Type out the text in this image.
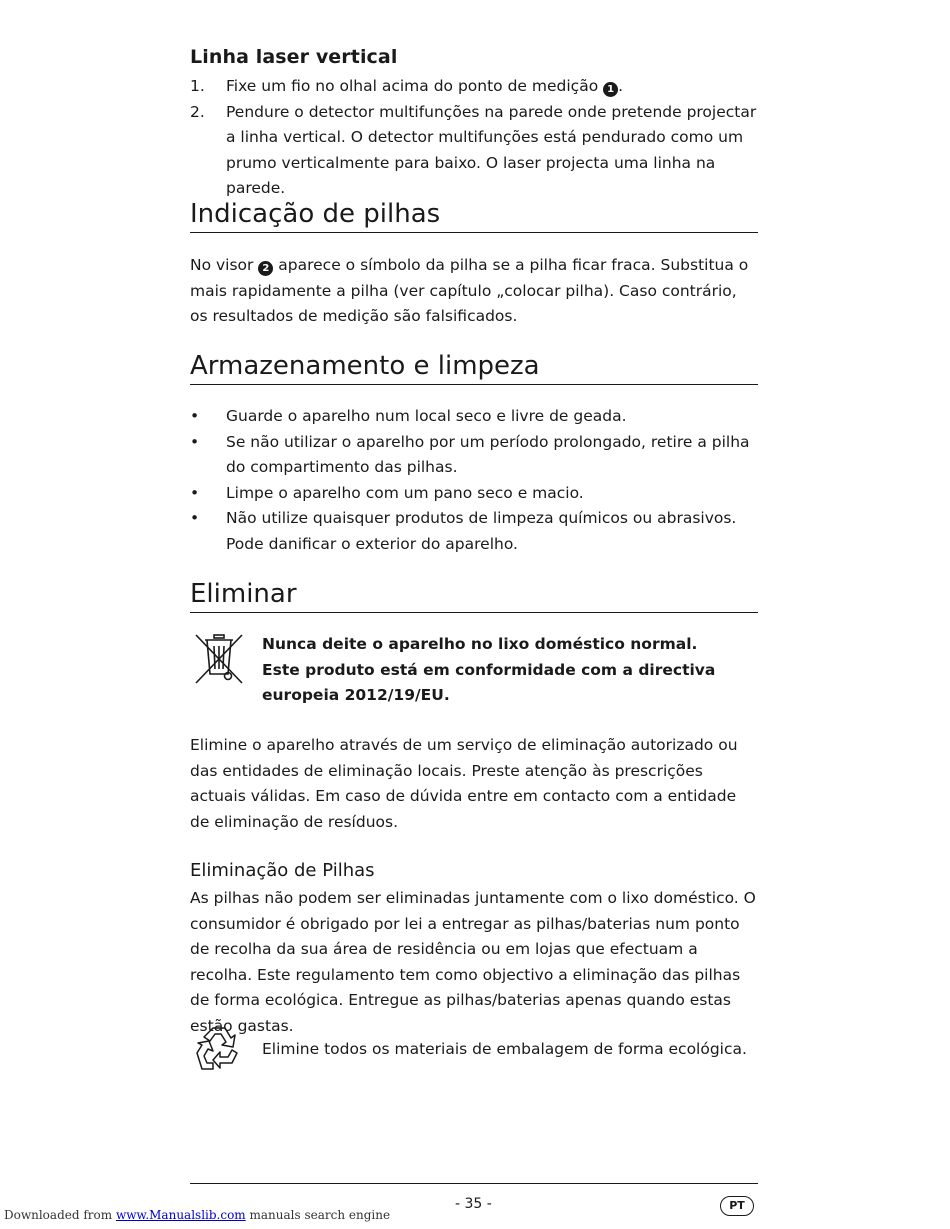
Linha laser vertical
1. Fixe um fio no olhal acima do ponto de medição 1 .
2. Pendure o detector multifunções na parede onde pretende projectar a linha vertical. O detector multifunções está pendurado como um prumo verticalmente para baixo. O laser projecta uma linha na parede.
Indicação de pilhas
No visor 2 aparece o símbolo da pilha se a pilha ficar fraca. Substitua o mais rapidamente a pilha (ver capítulo „colocar pilha). Caso contrário, os resultados de medição são falsificados.
Armazenamento e limpeza
• Guarde o aparelho num local seco e livre de geada.
• Se não utilizar o aparelho por um período prolongado, retire a pilha do compartimento das pilhas.
• Limpe o aparelho com um pano seco e macio.
• Não utilize quaisquer produtos de limpeza químicos ou abrasivos. Pode danificar o exterior do aparelho.
Eliminar
Nunca deite o aparelho no lixo doméstico normal.
Este produto está em conformidade com a directiva europeia 2012/19/EU.
Elimine o aparelho através de um serviço de eliminação autorizado ou das entidades de eliminação locais. Preste atenção às prescrições actuais válidas. Em caso de dúvida entre em contacto com a entidade de eliminação de resíduos.
Eliminação de Pilhas
As pilhas não podem ser eliminadas juntamente com o lixo doméstico. O consumidor é obrigado por lei a entregar as pilhas/baterias num ponto de recolha da sua área de residência ou em lojas que efectuam a recolha. Este regulamento tem como objectivo a eliminação das pilhas de forma ecológica. Entregue as pilhas/baterias apenas quando estas estão gastas.
Elimine todos os materiais de embalagem de forma ecológica.
- 35 -	PT
Downloaded from www.Manualslib.com manuals search engine
